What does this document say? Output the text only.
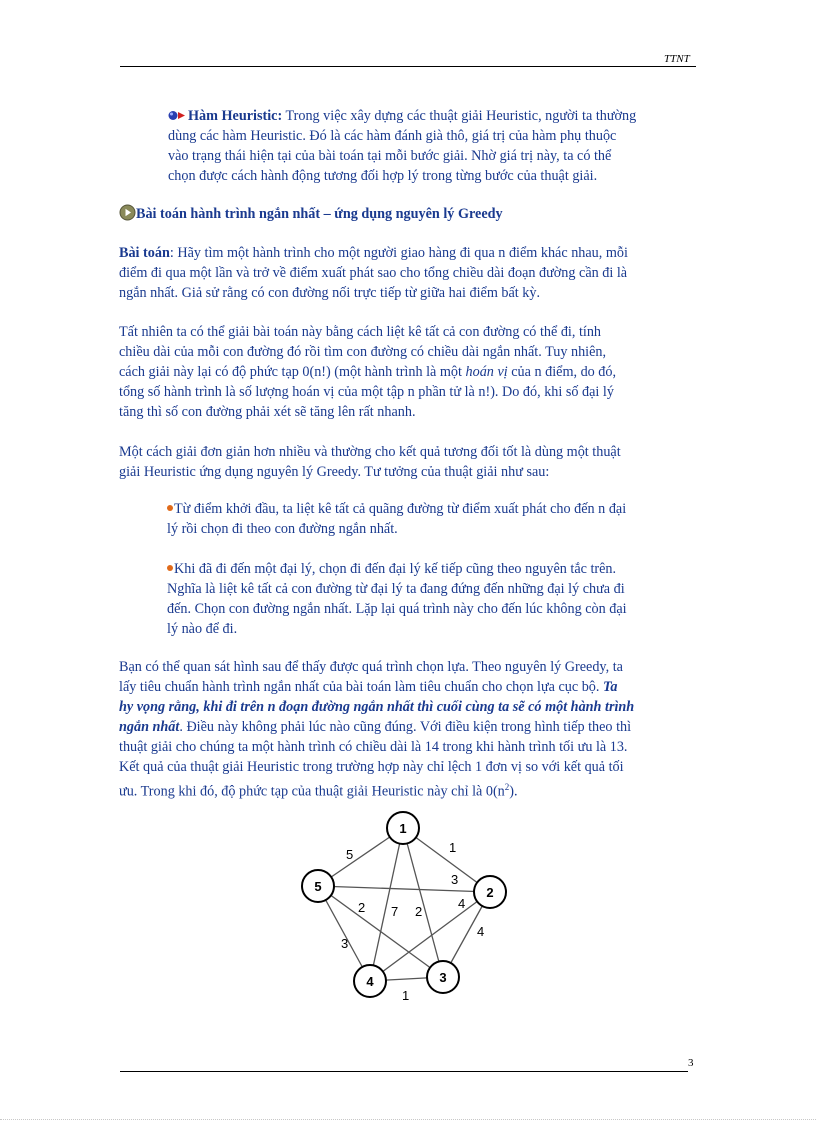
TTNT
Hàm Heuristic: Trong việc xây dựng các thuật giải Heuristic, người ta thường
dùng các hàm Heuristic. Đó là các hàm đánh già thô, giá trị của hàm phụ thuộc
vào trạng thái hiện tại của bài toán tại mỗi bước giải. Nhờ giá trị này, ta có thể
chọn được cách hành động tương đối hợp lý trong từng bước của thuật giải.
Bài toán hành trình ngắn nhất – ứng dụng nguyên lý Greedy
Bài toán: Hãy tìm một hành trình cho một người giao hàng đi qua n điểm khác nhau, mỗi
điểm đi qua một lần và trở về điểm xuất phát sao cho tổng chiều dài đoạn đường cần đi là
ngắn nhất. Giả sử rằng có con đường nối trực tiếp từ giữa hai điểm bất kỳ.
Tất nhiên ta có thể giải bài toán này bằng cách liệt kê tất cả con đường có thể đi, tính
chiều dài của mỗi con đường đó rồi tìm con đường có chiều dài ngắn nhất. Tuy nhiên,
cách giải này lại có độ phức tạp 0(n!) (một hành trình là một hoán vị của n điểm, do đó,
tổng số hành trình là số lượng hoán vị của một tập n phần tử là n!). Do đó, khi số đại lý
tăng thì số con đường phải xét sẽ tăng lên rất nhanh.
Một cách giải đơn giản hơn nhiều và thường cho kết quả tương đối tốt là dùng một thuật
giải Heuristic ứng dụng nguyên lý Greedy. Tư tưởng của thuật giải như sau:
Từ điểm khởi đầu, ta liệt kê tất cả quãng đường từ điểm xuất phát cho đến n đại
lý rồi chọn đi theo con đường ngắn nhất.
Khi đã đi đến một đại lý, chọn đi đến đại lý kế tiếp cũng theo nguyên tắc trên.
Nghĩa là liệt kê tất cả con đường từ đại lý ta đang đứng đến những đại lý chưa đi
đến. Chọn con đường ngắn nhất. Lặp lại quá trình này cho đến lúc không còn đại
lý nào để đi.
Bạn có thể quan sát hình sau để thấy được quá trình chọn lựa. Theo nguyên lý Greedy, ta
lấy tiêu chuẩn hành trình ngắn nhất của bài toán làm tiêu chuẩn cho chọn lựa cục bộ. Ta
hy vọng rằng, khi đi trên n đoạn đường ngắn nhất thì cuối cùng ta sẽ có một hành trình
ngắn nhất. Điều này không phải lúc nào cũng đúng. Với điều kiện trong hình tiếp theo thì
thuật giải cho chúng ta một hành trình có chiều dài là 14 trong khi hành trình tối ưu là 13.
Kết quả của thuật giải Heuristic trong trường hợp này chỉ lệch 1 đơn vị so với kết quả tối
ưu. Trong khi đó, độ phức tạp của thuật giải Heuristic này chỉ là $0(n^2)$.
5	1
3
2 7 2
4
4
3
1
1
2
3
4
5
3
